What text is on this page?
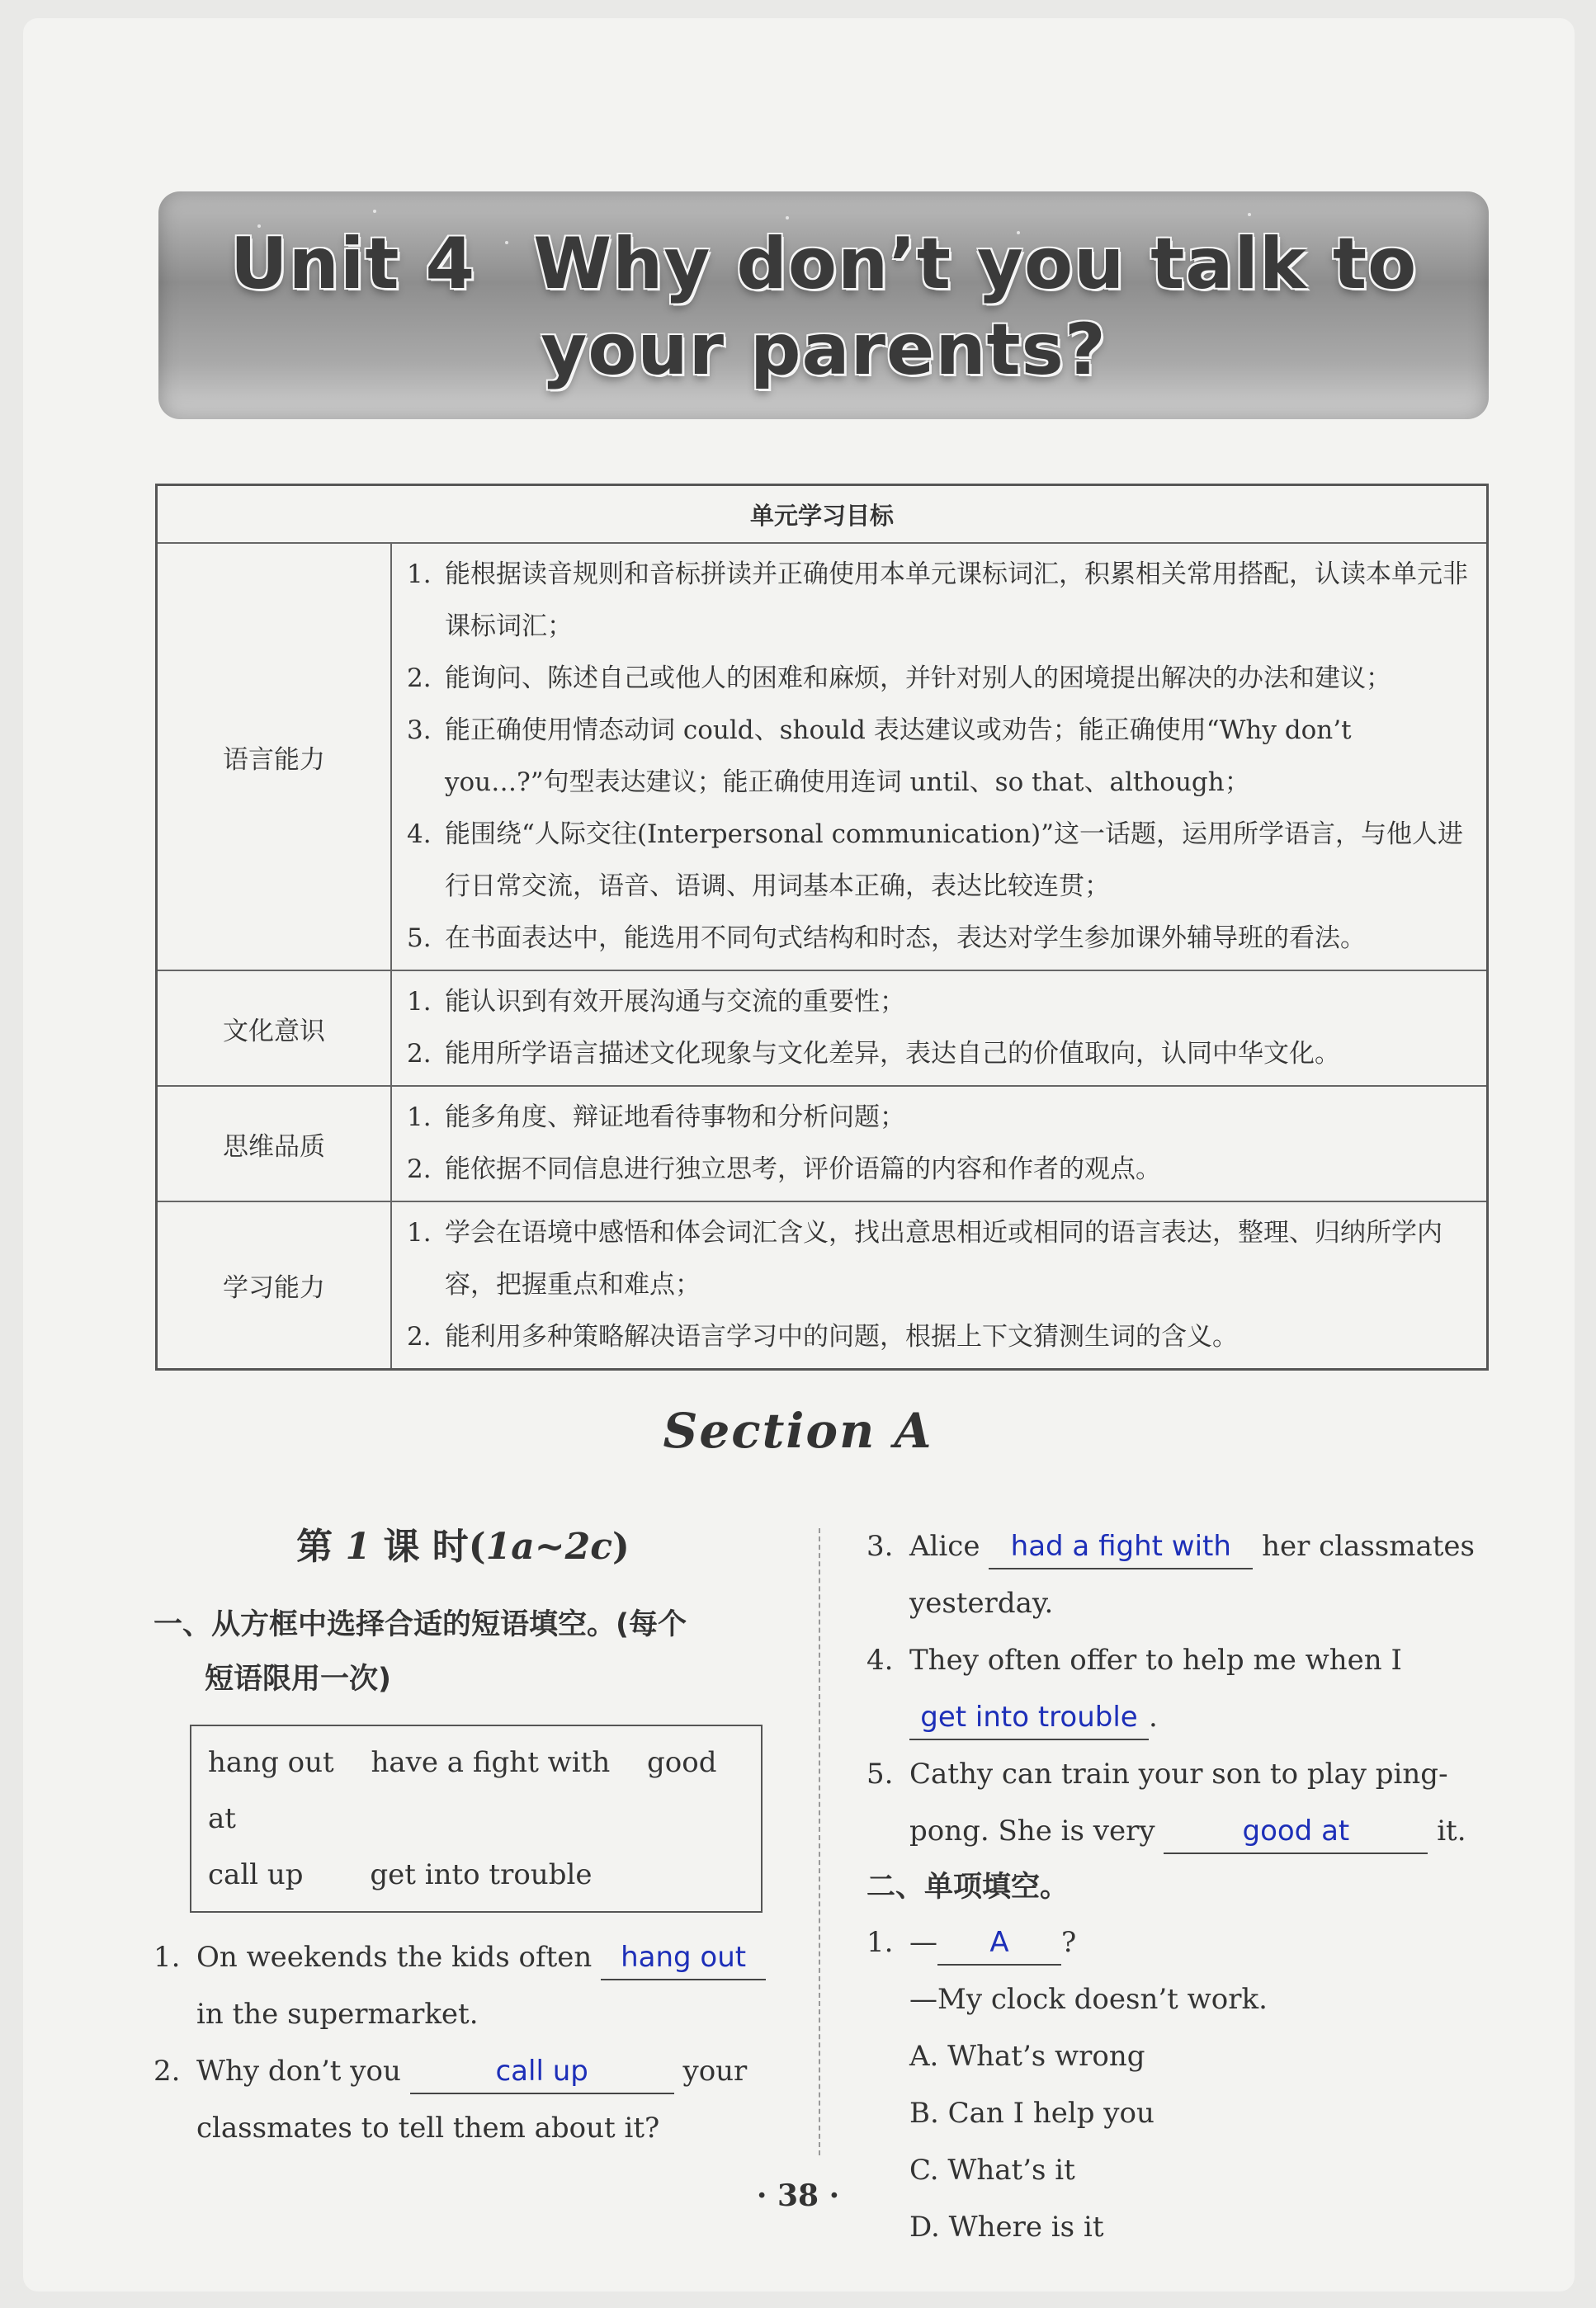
Unit 4 Why don’t you talk to
your parents?
单元学习目标	
语言能力	1. 能根据读音规则和音标拼读并正确使用本单元课标词汇，积累相关常用搭配，认读本单元非课标词汇；
2. 能询问、陈述自己或他人的困难和麻烦，并针对别人的困境提出解决的办法和建议；
3. 能正确使用情态动词 could、should 表达建议或劝告；能正确使用“Why don’t you…?”句型表达建议；能正确使用连词 until、so that、although；
4. 能围绕“人际交往(Interpersonal communication)”这一话题，运用所学语言，与他人进行日常交流，语音、语调、用词基本正确，表达比较连贯；
5. 在书面表达中，能选用不同句式结构和时态，表达对学生参加课外辅导班的看法。

文化意识	1. 能认识到有效开展沟通与交流的重要性；
2. 能用所学语言描述文化现象与文化差异，表达自己的价值取向，认同中华文化。

思维品质	1. 能多角度、辩证地看待事物和分析问题；
2. 能依据不同信息进行独立思考，评价语篇的内容和作者的观点。

学习能力	1. 学会在语境中感悟和体会词汇含义，找出意思相近或相同的语言表达，整理、归纳所学内容，把握重点和难点；
2. 能利用多种策略解决语言学习中的问题，根据上下文猜测生词的含义。
Section A
第 1 课 时(1a~2c)
一、从方框中选择合适的短语填空。(每个
短语限用一次)
hang out have a fight with good at
call up get into trouble
1. On weekends the kids often hang out in the supermarket.
2. Why don’t you	call up	your classmates to tell them about it?
3. Alice had a fight with her classmates yesterday.
4. They often offer to help me when I get into trouble .
5. Cathy can train your son to play ping-pong. She is very	good at	it.
二、单项填空。
1. — A ?
—My clock doesn’t work.
A. What’s wrongB. Can I help you
C. What’s itD. Where is it
· 38 ·
